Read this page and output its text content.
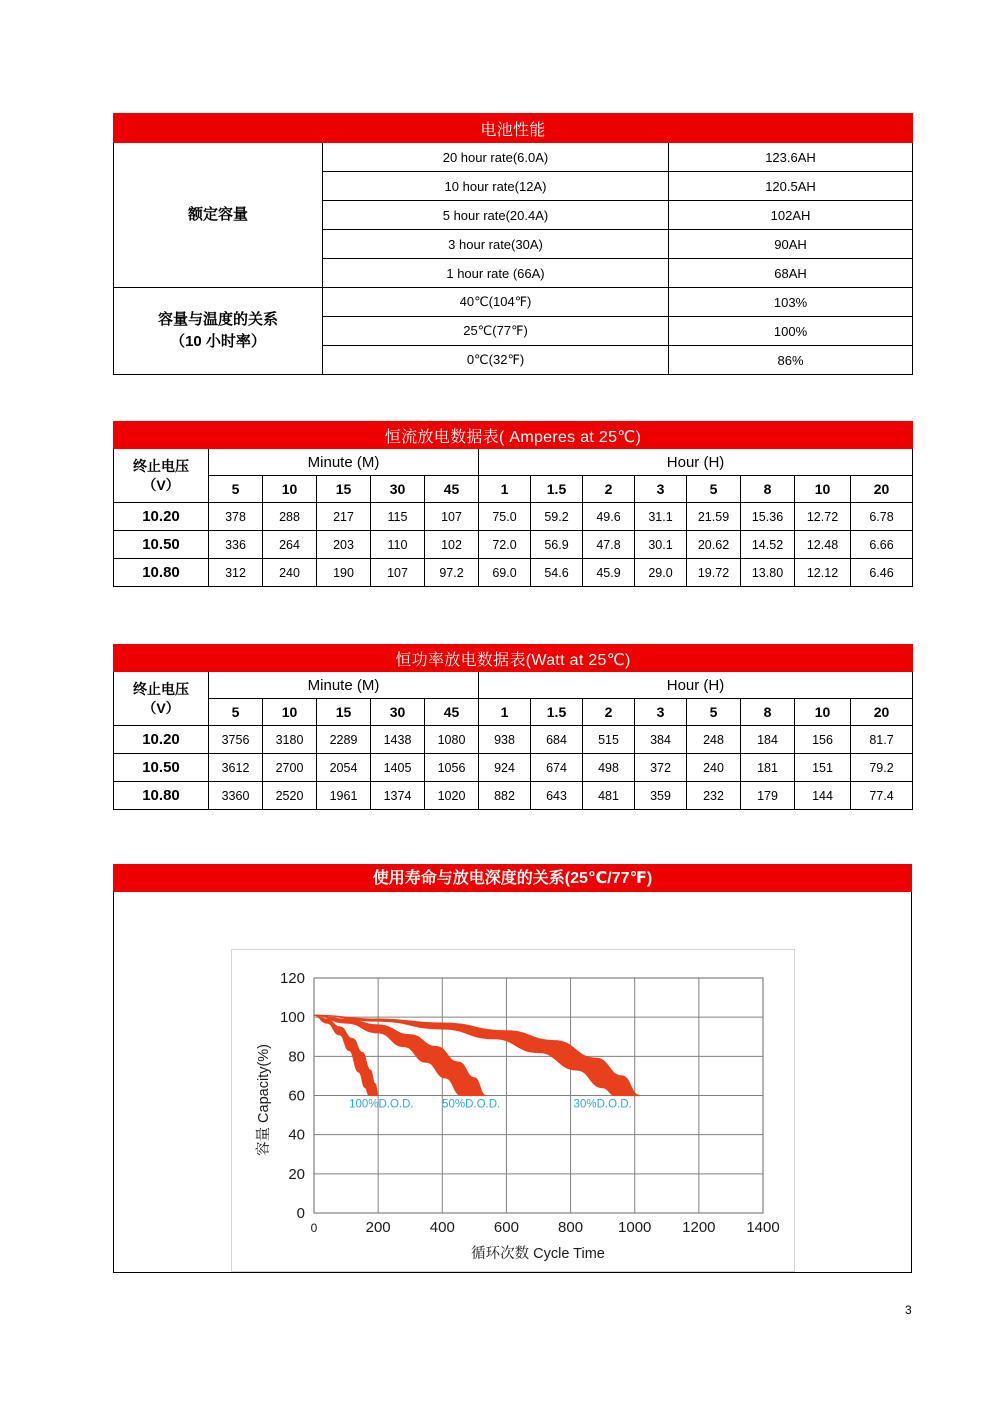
电池性能		
额定容量	20 hour rate(6.0A)	123.6AH
	10 hour rate(12A)	120.5AH
	5 hour rate(20.4A)	102AH
	3 hour rate(30A)	90AH
	1 hour rate (66A)	68AH

容量与温度的关系
（10 小时率）	40℃(104℉)	103%
	25℃(77℉)	100%
	0℃(32℉)	86%
恒流放电数据表( Amperes at 25℃)													

终止电压
（V）	Minute (M)					Hour (H)							
	5	10	15	30	45	1	1.5	2	3	5	8	10	20
10.20	378	288	217	115	107	75.0	59.2	49.6	31.1	21.59	15.36	12.72	6.78
10.50	336	264	203	110	102	72.0	56.9	47.8	30.1	20.62	14.52	12.48	6.66
10.80	312	240	190	107	97.2	69.0	54.6	45.9	29.0	19.72	13.80	12.12	6.46
恒功率放电数据表(Watt at 25℃)													

终止电压
（V）	Minute (M)					Hour (H)							
	5	10	15	30	45	1	1.5	2	3	5	8	10	20
10.20	3756	3180	2289	1438	1080	938	684	515	384	248	184	156	81.7
10.50	3612	2700	2054	1405	1056	924	674	498	372	240	181	151	79.2
10.80	3360	2520	1961	1374	1020	882	643	481	359	232	179	144	77.4
使用寿命与放电深度的关系(25℃/77℉)
0
20
40
60
80
100
120
0	200	400	600	800 1000 1200 1400
100%D.O.D. 50%D.O.D.	30%D.O.D.
循环次数 Cycle Time
容量 Capacity(%)
3
